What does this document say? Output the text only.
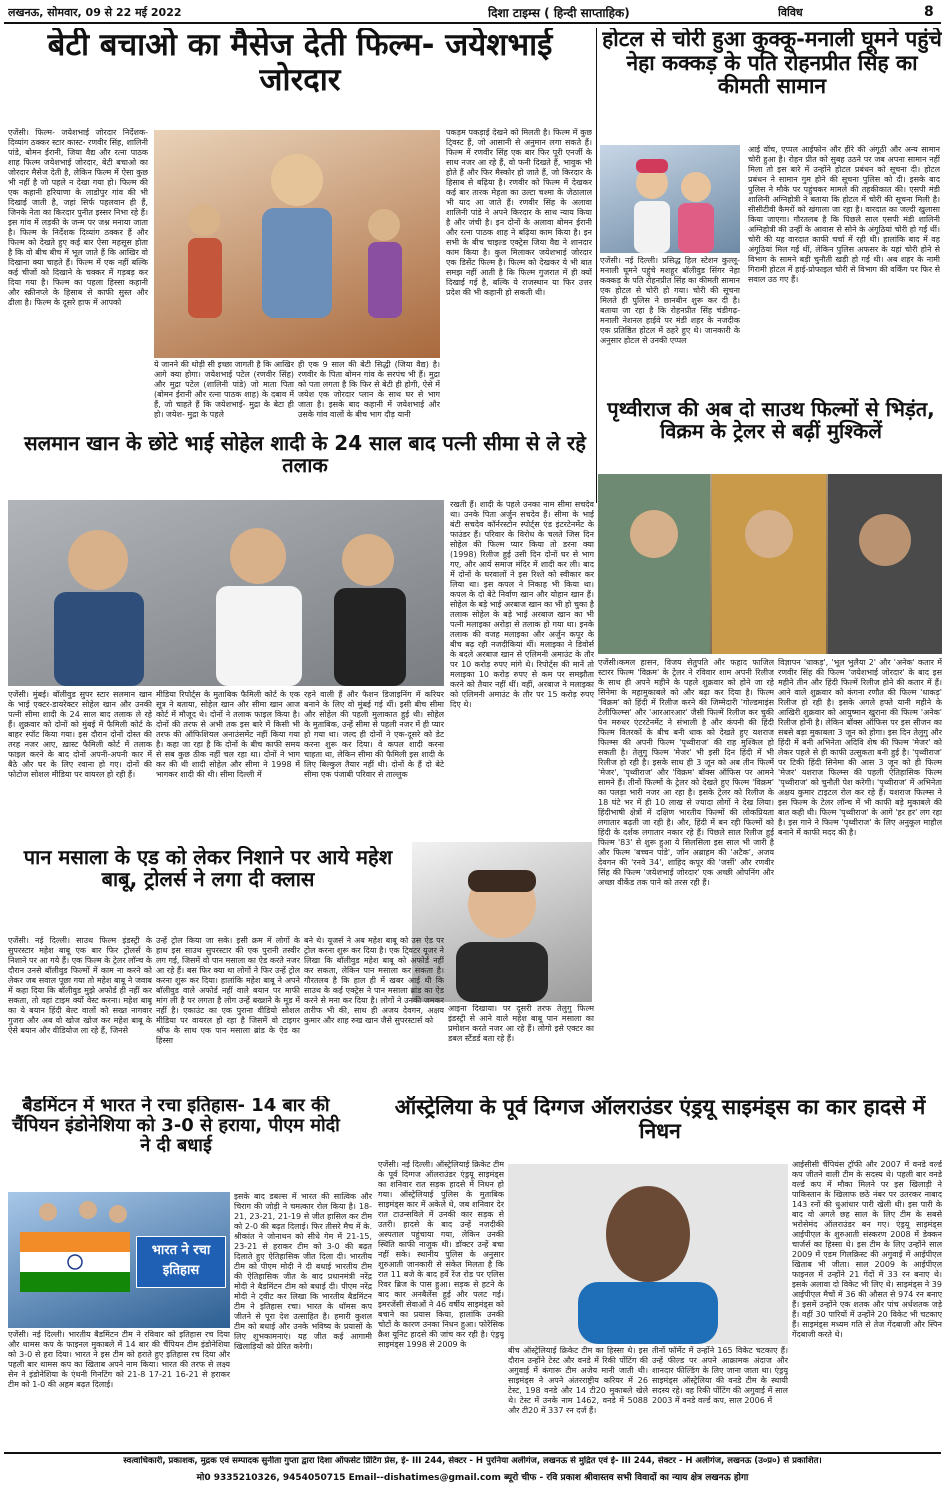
लखनऊ, सोमवार, 09 से 22 मई 2022	दिशा टाइम्स ( हिन्दी साप्ताहिक)	विविध	8
बेटी बचाओ का मैसेज देती फिल्म- जयेशभाई जोरदार
एजेंसी। फिल्म- जयेशभाई जोरदार निर्देशक- दिव्यांग ठक्कर स्टार कास्ट- रणवीर सिंह, शालिनी पांडे, बोमन ईरानी, जिया वैद्य और रत्ना पाठक शाह फिल्म जयेशभाई जोरदार, बेटी बचाओ का जोरदार मैसेज देती है, लेकिन फिल्म में ऐसा कुछ भी नहीं है जो पहले न देखा गया हो। फिल्म की एक कहानी हरियाणा के लाडोपुर गांव की भी दिखाई जाती है, जहां सिर्फ पहलवान ही हैं, जिनके नेता का किरदार पुनीत इस्सर निभा रहे हैं। इस गांव में लड़की के जन्म पर जश्न मनाया जाता है। फिल्म के निर्देशक दिव्यांग ठक्कर हैं और फिल्म को देखते हुए कई बार ऐसा महसूस होता है कि वो बीच बीच में भूल जाते हैं कि आखिर वो दिखाना क्या चाहते हैं। फिल्म में एक नहीं बल्कि कई चीजों को दिखाने के चक्कर में गड़बड़ कर दिया गया है। फिल्म का पहला हिस्सा कहानी और स्क्रीनप्ले के हिसाब से काफी सुस्त और ढीला है। फिल्म के दूसरे हाफ में आपको
ये जानने की थोड़ी सी इच्छा जागती है कि आखिर आगे क्या होगा। जयेशभाई पटेल (रणवीर सिंह) और मुद्रा पटेल (शालिनी पांडे) जो माता पिता (बोमन ईरानी और रत्ना पाठक शाह) के दबाव में हैं, जो चाहते हैं कि जयेशभाई- मुद्रा के बेटा ही हो। जयेश- मुद्रा के पहले
ही एक 9 साल की बेटी सिद्धी (जिया वैद्य) है। रणवीर के पिता बोमन गांव के सरपंच भी हैं। मुद्रा को पता लगता है कि फिर से बेटी ही होगी, ऐसे में जयेश एक जोरदार प्लान के साथ घर से भाग जाता है। इसके बाद कहानी में जयेशभाई और उसके गांव वालों के बीच भाग दौड़ यानी
पकड़म पकड़ाई देखने को मिलती है। फिल्म में कुछ टि्वस्ट हैं, जो आसानी से अनुमान लगा सकते हैं। फिल्म में रणवीर सिंह एक बार फिर पूरी एनर्जी के साथ नजर आ रहे हैं, वो फनी दिखते हैं, भावुक भी होते हैं और फिर मैस्कोर हो जाते हैं, जो किरदार के हिसाब से बढ़िया है। रणवीर को फिल्म में देखकर कई बार तारक मेहता का उल्टा चश्मा के जेठालाल भी याद आ जाते हैं। रणवीर सिंह के अलावा शालिनी पांडे ने अपने किरदार के साथ न्याय किया है और जंची है। इन दोनों के अलावा बोमन ईरानी और रत्ना पाठक शाह ने बढ़िया काम किया है। इन सभी के बीच चाइल्ड एक्ट्रेस जिया वैद्य ने शानदार काम किया है। कुल मिलाकर जयेशभाई जोरदार एक डिसेंट फिल्म है। फिल्म को देखकर ये भी बात समझ नहीं आती है कि फिल्म गुजरात में ही क्यों दिखाई गई है, बल्कि ये राजस्थान या फिर उत्तर प्रदेश की भी कहानी हो सकती थी।
होटल से चोरी हुआ कुक्कू-मनाली घूमने पहुंचे नेहा कक्कड़ के पति रोहनप्रीत सिंह का कीमती सामान
एजेंसी। नई दिल्ली। प्रसिद्ध हिल स्टेशन कुल्लू-मनाली घूमने पहुंचे मशहूर बॉलीवुड सिंगर नेहा कक्कड़ के पति रोहनप्रीत सिंह का कीमती सामान एक होटल से चोरी हो गया। चोरी की सूचना मिलते ही पुलिस ने छानबीन शुरू कर दी है। बताया जा रहा है कि रोहनप्रीत सिंह चंडीगढ़-मनाली नेशनल हाईवे पर मंडी शहर के नजदीक एक प्रतिष्ठित होटल में ठहरे हुए थे। जानकारी के अनुसार होटल से उनकी एप्पल
आई वॉच, एप्पल आईफोन और हीरे की अंगूठी और अन्य सामान चोरी हुआ है। रोहन प्रीत को सुबह उठने पर जब अपना सामान नहीं मिला तो इस बारे में उन्होंने होटल प्रबंधन को सूचना दी। होटल प्रबंधन ने सामान गुम होने की सूचना पुलिस को दी। इसके बाद पुलिस ने मौके पर पहुंचकर मामले की तहकीकात की। एसपी मंडी शालिनी अग्निहोत्री ने बताया कि होटल में चोरी की सूचना मिली है। सीसीटीवी कैमरों को खंगाला जा रहा है। वारदात का जल्दी खुलासा किया जाएगा। गौरतलब है कि पिछले साल एसपी मंडी शालिनी अग्निहोत्री की उन्हीं के आवास से सोने के अंगूठियां चोरी हो गईं थीं। चोरी की यह वारदात काफी चर्चा में रही थी। हालांकि बाद में वह अंगूठियां मिल गईं थीं, लेकिन पुलिस अफसर के यहां चोरी होने से विभाग के सामने बड़ी चुनौती खड़ी हो गई थी। अब शहर के नामी गिरामी होटल में हाई-प्रोफाइल चोरी से विभाग की वर्किंग पर फिर से सवाल उठ गए हैं।
पृथ्वीराज की अब दो साउथ फिल्मों से भिड़ंत, विक्रम के ट्रेलर से बढ़ीं मुश्किलें
सलमान खान के छोटे भाई सोहेल शादी के 24 साल बाद पत्नी सीमा से ले रहे तलाक
एजेंसी। मुंबई। बॉलीवुड सुपर स्टार सलमान खान के भाई एक्टर-डायरेक्टर सोहेल खान और उनकी पत्नी सीमा शादी के 24 साल बाद तलाक ले रहे हैं। शुक्रवार को दोनों को मुंबई में फैमिली कोर्ट के बाहर स्पॉट किया गया। इस दौरान दोनों दोस्त की तरह नजर आए, ख़ास्ट फैमिली कोर्ट में तलाक फाइल करने के बाद दोनों अपनी-अपनी कार में बैठे और घर के लिए रवाना हो गए। दोनों की फोटोज सोशल मीडिया पर वायरल हो रही हैं।
मीडिया रिपोर्ट्स के मुताबिक फैमिली कोर्ट के एक सूत्र ने बताया, सोहेल खान और सीमा खान आज कोर्ट में मौजूद थे। दोनों ने तलाक फाइल किया है। दोनों की तरफ से अभी तक इस बारे में किसी भी तरफ की ऑफिशियल अनाउंसमेंट नहीं किया गया है। कहा जा रहा है कि दोनों के बीच काफी समय से सब कुछ ठीक नहीं चल रहा था। दोनों ने भाग कर की थी शादी सोहेल और सीमा ने 1998 में भागकर शादी की थी। सीमा दिल्ली में
रहने वाली हैं और फैशन डिजाइनिंग में करियर बनाने के लिए वो मुंबई गई थीं। इसी बीच सीमा और सोहेल की पहली मुलाकात हुई थी। सोहेल के मुताबिक, उन्हें सीमा से पहली नजर में ही प्यार हो गया था। जल्द ही दोनों ने एक-दूसरे को डेट करना शुरू कर दिया। वे कपल शादी करना चाहता था, लेकिन सीमा की फैमिली इस शादी के लिए बिल्कुल तैयार नहीं थी। दोनों के हैं दो बेटे सीमा एक पंजाबी परिवार से ताल्लुक
रखती हैं। शादी के पहले उनका नाम सीमा सचदेव था। उनके पिता अर्जुन सचदेव हैं। सीमा के भाई बंटी सचदेव कॉर्नरस्टोन स्पोर्ट्स एंड इंटरटेनमेंट के फाउंडर हैं। परिवार के विरोध के चलते जिस दिन सोहेल की फिल्म प्यार किया तो डरना क्या (1998) रिलीज हुई उसी दिन दोनों घर से भाग गए, और आर्य समाज मंदिर में शादी कर ली। बाद में दोनों के घरवालों ने इस रिश्ते को स्वीकार कर लिया था। इस कपल ने निकाह भी किया था। कपल के दो बेटे निर्वाण खान और योहान खान हैं। सोहेल के बड़े भाई अरबाज खान का भी हो चुका है तलाक सोहेल के बड़े भाई अरबाज खान का भी पत्नी मलाइका अरोड़ा से तलाक हो गया था। इनके तलाक की वजह मलाइका और अर्जुन कपूर के बीच बढ़ रही नजदीकियां थीं। मलाइका ने डिवोर्स के बदले अरबाज खान से एलिमनी अमाउंट के तौर पर 10 करोड़ रुपए मांगे थे। रिपोर्ट्स की मानें तो मलाइका 10 करोड़ रुपए से कम पर समझौता करने को तैयार नहीं थीं। वहीं, अरबाज ने मलाइका को एलिमनी अमाउंट के तौर पर 15 करोड़ रुपए दिए थे।
एजेंसी।कमल हासन, विजय सेतुपति और फहाद फाजिल स्टारर फिल्म 'विक्रम' के ट्रेलर ने रविवार शाम अपनी रिलीज के साथ ही अपने महीने के पहले शुक्रवार को होने जा रहे सिनेमा के महामुकाबले को और बढ़ा कर दिया है। फिल्म 'विक्रम' को हिंदी में रिलीज करने की जिम्मेदारी 'गोल्डमाइंस टेलीफिल्म्स' और 'आरआरआर' जैसी फिल्में रिलीज कर चुकी पेन मरुधर एंटरटेनमेंट ने संभाली है और कंपनी की हिंदी फिल्म वितरकों के बीच बनी धाक को देखते हुए यशराज फिल्म्स की अपनी फिल्म 'पृथ्वीराज' की राह मुश्किल हो सकती है। तेलुगु फिल्म 'मेजर' भी इसी दिन हिंदी में भी रिलीज हो रही है। इसके साथ ही 3 जून को अब तीन फिल्में 'मेजर', 'पृथ्वीराज' और 'विक्रम' बॉक्स ऑफिस पर आमने सामने हैं। तीनों फिल्मों के ट्रेलर को देखते हुए फिल्म 'विक्रम' का पलड़ा भारी नजर आ रहा है। इसके ट्रेलर को रिलीज के 18 घंटे भर में ही 10 लाख से ज्यादा लोगों ने देख लिया। हिंदीभाषी क्षेत्रों में दक्षिण भारतीय फिल्मों की लोकप्रियता लगातार बढ़ती जा रही है। और, हिंदी में बन रही फिल्मों को हिंदी के दर्शक लगातार नकार रहे हैं। पिछले साल रिलीज हुई फिल्म '83' से शुरू हुआ ये सिलसिला इस साल भी जारी है और फिल्म 'बच्चन पांडे', जॉन अब्राहम की 'अटैक', अजय देवगन की 'रनवे 34', शाहिद कपूर की 'जर्सी' और रणवीर सिंह की फिल्म 'जयेशभाई जोरदार' एक अच्छी ओपनिंग और अच्छा वीकेंड तक पाने को तरस रही हैं।
विज्ञापन 'धाकड़', 'भूल भुलैया 2' और 'अनेक' कतार में रणवीर सिंह की फिल्म 'जयेशभाई जोरदार' के बाद इस महीने तीन और हिंदी फिल्में रिलीज होने की कतार में हैं। आने वाले शुक्रवार को कंगना रणौत की फिल्म 'धाकड़' रिलीज हो रही है। इसके अगले हफ्ते यानी महीने के आखिरी शुक्रवार को आयुष्मान खुराना की फिल्म 'अनेक' रिलीज होनी है। लेकिन बॉक्स ऑफिस पर इस सीजन का सबसे बड़ा मुकाबला 3 जून को होगा। इस दिन तेलुगु और हिंदी में बनी अभिनेता अदिवि शेष की फिल्म 'मेजर' को लेकर पहले से ही काफी उत्सुकता बनी हुई है। 'पृथ्वीराज' पर टिकी हिंदी सिनेमा की आस 3 जून को ही फिल्म 'मेजर' यशराज फिल्म्स की पहली ऐतिहासिक फिल्म 'पृथ्वीराज' को चुनौती पेश करेगी। 'पृथ्वीराज' में अभिनेता अक्षय कुमार टाइटल रोल कर रहे हैं। यशराज फिल्म्स ने इस फिल्म के टेलर लॉन्च में भी काफी बड़े मुकाबले की बात कही थी। फिल्म 'पृथ्वीराज' के आगे 'हर हर' लग रहा है। इस गाने ने फिल्म 'पृथ्वीराज' के लिए अनुकूल माहौल बनाने में काफी मदद की है।
पान मसाला के एड को लेकर निशाने पर आये महेश बाबू, ट्रोलर्स ने लगा दी क्लास
एजेंसी। नई दिल्ली। साउथ फिल्म इंडस्ट्री के सुपरस्टार महेश बाबू एक बार फिर ट्रोलर्स के निशाने पर आ गये हैं। एक फिल्म के ट्रेलर लॉन्च के दौरान उनसे बॉलीवुड फिल्मों में काम ना करने को लेकर जब सवाल पूछा गया तो महेश बाबू ने जवाब में कहा दिया कि बॉलीवुड मुझे अफोर्ड ही नहीं कर सकता, तो वहां टाइम क्यों वेस्ट करना। महेश बाबू का ये बयान हिंदी बेल्ट वालों को सख्त नागवार गुजरा और अब वो खोज खोज कर महेश बाबू के ऐसे बयान और वीडियोज ला रहे हैं, जिनसे
उन्हें ट्रोल किया जा सके। इसी क्रम में लोगों के हाथ इस साउथ सुपरस्टार की एक पुरानी तस्वीर लग गई, जिसमें वो पान मसाला का ऐड करते नजर आ रहे हैं। बस फिर क्या था लोगों ने फिर उन्हें ट्रोल करना शुरू कर दिया। हालांकि महेश बाबू ने अपने बॉलीवुड वाले अफोर्ड नहीं वाले बयान पर माफी मांग ली है पर लगता है लोग उन्हें बख्शने के मूड में नहीं है। एकाउंट का एक पुराना वीडियो सोशल मीडिया पर वायरल हो रहा है जिसमें वो टाइगर श्रॉफ के साथ एक पान मसाला ब्रांड के ऐड का हिस्सा
बने थे। यूजर्स ने अब महेश बाबू को उस ऐड पर ट्रोल करना शुरू कर दिया है। एक टि्वटर यूजर ने लिखा कि बॉलीवुड महेश बाबू को अफोर्ड नहीं कर सकता, लेकिन पान मसाला कर सकता है। गौरतलब है कि हाल ही में खबर आई थी कि साउथ के कई एक्ट्रेस ने पान मसाला ब्रांड का ऐड करने से मना कर दिया है। लोगों ने उनकी जमकर तारीफ भी की, साथ ही अजय देवगन, अक्षय कुमार और शाह रुख खान जैसे सुपरस्टार्स को
आइना दिखाया। पर दूसरी तरफ तेलुगु फिल्म इंडस्ट्री से आने वाले महेश बाबू पान मसाला का प्रमोशन करते नजर आ रहे हैं। लोगो इसे एक्टर का डबल स्टैंडर्ड बता रहे हैं।
बैडमिंटन में भारत ने रचा इतिहास- 14 बार की चैंपियन इंडोनेशिया को 3-0 से हराया, पीएम मोदी ने दी बधाई
भारत ने रचा
इतिहास
एजेंसी। नई दिल्ली। भारतीय बैडमिंटन टीम ने रविवार को इतिहास रच दिया और थामस कप के फाइनल मुकाबले में 14 बार की चैंपियन टीम इंडोनेशिया को 3-0 से हरा दिया। भारत ने इस टीम को हराते हुए इतिहास रच दिया और पहली बार थामस कप का खिताब अपने नाम किया। भारत की तरफ से लक्ष्य सेन ने इंडोनेशिया के एंथनी गिनटिंग को 21-8 17-21 16-21 से हराकर टीम को 1-0 की अहम बढ़त दिलाई।
इसके बाद डबल्स में भारत की सात्विक और चिराग की जोड़ी ने चमत्कार रोल किया है। 18-21, 23-21, 21-19 से जीत हासिल कर टीम को 2-0 की बढ़त दिलाई। फिर तीसरे मैच में के. श्रीकांत ने जोनाथन को सीधे गेम में 21-15, 23-21 से हराकर टीम को 3-0 की बढ़त दिलाते हुए ऐतिहासिक जीत दिला दी। भारतीय टीम को पीएम मोदी ने दी बधाई भारतीय टीम की ऐतिहासिक जीत के बाद प्रधानमंत्री नरेंद्र मोदी ने बैडमिंटन टीम को बधाई दी। पीएम नरेंद्र मोदी ने ट्वीट कर लिखा कि भारतीय बैडमिंटन टीम ने इतिहास रचा। भारत के थॉमस कप जीतने से पूरा देश उत्साहित है। हमारी कुशल टीम को बधाई और उनके भविष्य के प्रयासों के लिए शुभकामनाएं। यह जीत कई आगामी खिलाड़ियों को प्रेरित करेगी।
ऑस्ट्रेलिया के पूर्व दिग्गज ऑलराउंडर एंड्रयू साइमंड्स का कार हादसे में निधन
एजेंसी। नई दिल्ली। ऑस्ट्रेलियाई क्रिकेट टीम के पूर्व दिग्गज ऑलराउंडर एंड्रयू साइमंड्स का शनिवार रात सड़क हादसे में निधन हो गया। ऑस्ट्रेलियाई पुलिस के मुताबिक साइमंड्स कार में अकेले थे, जब शनिवार देर रात टाउन्सविले में उनकी कार सड़क से उतरी। हादसे के बाद उन्हें नजदीकी अस्पताल पहुंचाया गया, लेकिन उनकी स्थिति काफी नाजुक थी। डॉक्टर उन्हें बचा नहीं सके। स्थानीय पुलिस के अनुसार शुरुआती जानकारी से संकेत मिलता है कि रात 11 बजे के बाद हर्वे रेंज रोड पर एलिस रिवर ब्रिज के पास हुआ। सड़क से हटने के बाद कार अनबैलेंस हुई और पलट गई। इमरजेंसी सेवाओं ने 46 वर्षीय साइमंड्स को बचाने का प्रयास किया, हालांकि उनकी चोटों के कारण उनका निधन हुआ। फोरेंसिक क्रैश यूनिट हादसे की जांच कर रही है। एंड्रयू साइमंड्स 1998 से 2009 के
बीच ऑस्ट्रेलियाई क्रिकेट टीम का हिस्सा थे। इस दौरान उन्होंने टेस्ट और वनडे में रिकी पोंटिंग की अगुवाई में कंगारू टीम अजेय मानी जाती थी। साइमंड्स ने अपने अंतरराष्ट्रीय करियर में 26 टेस्ट, 198 वनडे और 14 टी20 मुकाबले खेले थे। टेस्ट में उनके नाम 1462, वनडे में 5088 और टी20 में 337 रन दर्ज हैं।
तीनों फॉर्मेट में उन्होंने 165 विकेट चटकाए हैं। उन्हें फील्ड पर अपने आक्रामक अंदाज और शानदार फील्डिंग के लिए जाना जाता था। एंड्रयू साइमंड्स ऑस्ट्रेलिया की वनडे टीम के स्थायी सदस्य रहे। वह रिकी पोंटिंग की अगुवाई में साल 2003 में वनडे वर्ल्ड कप, साल 2006 में
आईसीसी चैंपियंस ट्रॉफी और 2007 में वनडे वर्ल्ड कप जीतने वाली टीम के सदस्य थे। पहली बार वनडे वर्ल्ड कप में मौका मिलने पर इस खिलाड़ी ने पाकिस्तान के खिलाफ छठे नंबर पर उतरकर नाबाद 143 रनों की धुआंधार पारी खेली थी। इस पारी के बाद वो अगले छह साल के लिए टीम के सबसे भरोसेमंद ऑलराउंडर बन गए। एंड्रयू साइमंड्स आईपीएल के शुरुआती संस्करण 2008 में डेक्कन चार्जर्स का हिस्सा थे। इस टीम के लिए उन्होंने साल 2009 में एडम गिलक्रिस्ट की अगुवाई में आईपीएल खिताब भी जीता। साल 2009 के आईपीएल फाइनल में उन्होंने 21 गेंदों में 33 रन बनाए थे। इसके अलावा दो विकेट भी लिए थे। साइमंड्स ने 39 आईपीएल मैचों में 36 की औसत से 974 रन बनाए हैं। इसमें उन्होंने एक शतक और पांच अर्धशतक जड़े हैं। वहीं 30 पारियों में उन्होंने 20 विकेट भी चटकाए हैं। साइमंड्स मध्यम गति से तेज गेंदबाजी और स्पिन गेंदबाजी करते थे।
स्वत्वाधिकारी, प्रकाशक, मुद्रक एवं सम्पादक सुनीता गुप्ता द्वारा दिशा ऑफसेट प्रिंटिंग प्रेस, ई- III 244, सेक्टर - H पुरनिया अलीगंज, लखनऊ से मुद्रित एवं ई- III 244, सेक्टर - H अलीगंज, लखनऊ (उ०प्र०) से प्रकाशित।
मो0 9335210326, 9454050715 Email--dishatimes@gmail.com ब्यूरो चीफ - रवि प्रकाश श्रीवास्तव सभी विवादों का न्याय क्षेत्र लखनऊ होगा
